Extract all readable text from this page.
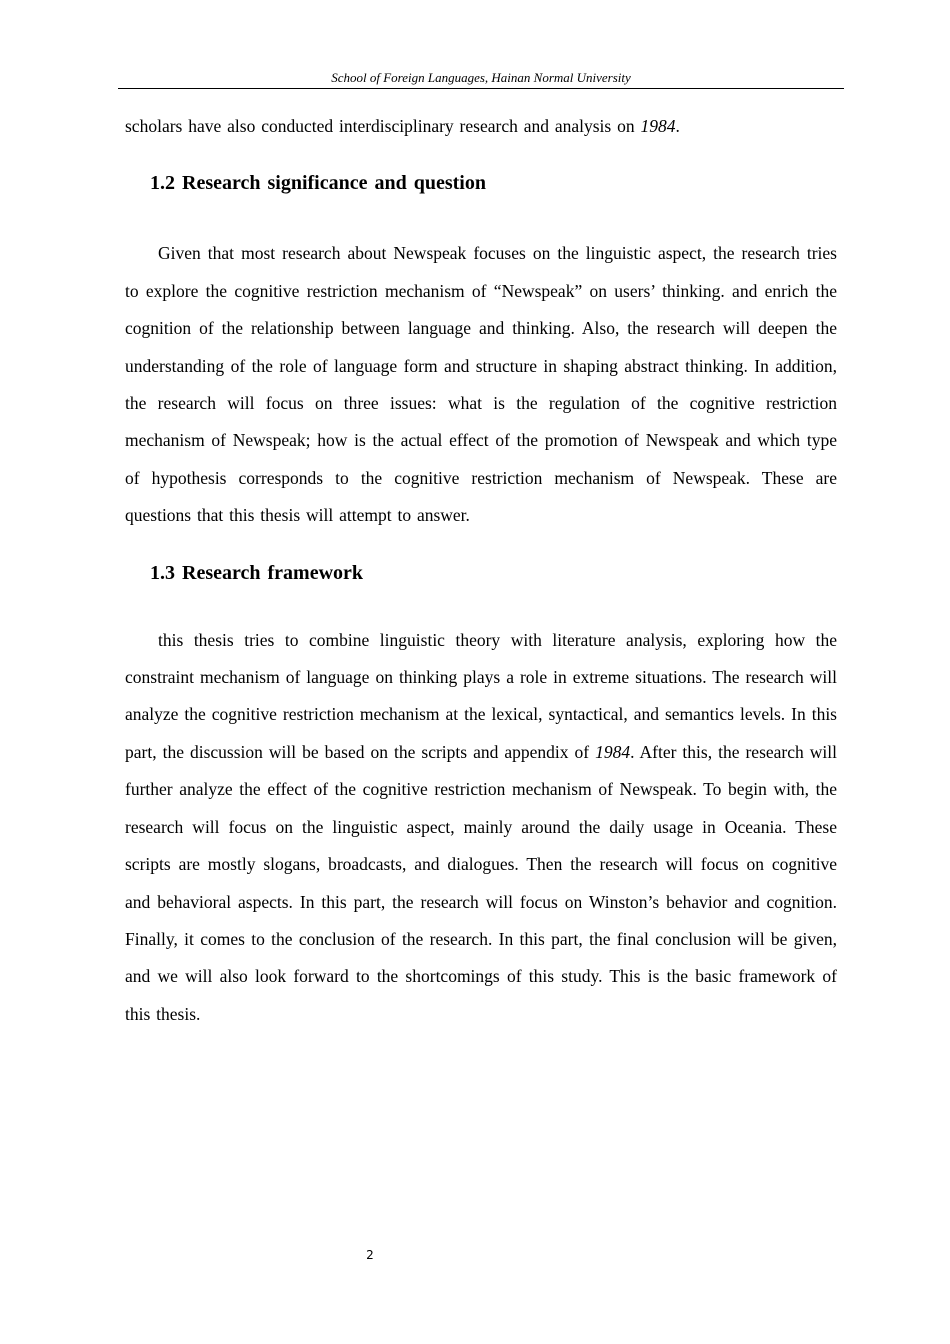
School of Foreign Languages, Hainan Normal University

scholars have also conducted interdisciplinary research and analysis on 1984.

1.2 Research significance and question

Given that most research about Newspeak focuses on the linguistic aspect, the research tries to explore the cognitive restriction mechanism of “Newspeak” on users’ thinking. and enrich the cognition of the relationship between language and thinking. Also, the research will deepen the understanding of the role of language form and structure in shaping abstract thinking. In addition, the research will focus on three issues: what is the regulation of the cognitive restriction mechanism of Newspeak; how is the actual effect of the promotion of Newspeak and which type of hypothesis corresponds to the cognitive restriction mechanism of Newspeak. These are questions that this thesis will attempt to answer.

1.3 Research framework

this thesis tries to combine linguistic theory with literature analysis, exploring how the constraint mechanism of language on thinking plays a role in extreme situations. The research will analyze the cognitive restriction mechanism at the lexical, syntactical, and semantics levels. In this part, the discussion will be based on the scripts and appendix of 1984. After this, the research will further analyze the effect of the cognitive restriction mechanism of Newspeak. To begin with, the research will focus on the linguistic aspect, mainly around the daily usage in Oceania. These scripts are mostly slogans, broadcasts, and dialogues. Then the research will focus on cognitive and behavioral aspects. In this part, the research will focus on Winston’s behavior and cognition. Finally, it comes to the conclusion of the research. In this part, the final conclusion will be given, and we will also look forward to the shortcomings of this study. This is the basic framework of this thesis.

2
